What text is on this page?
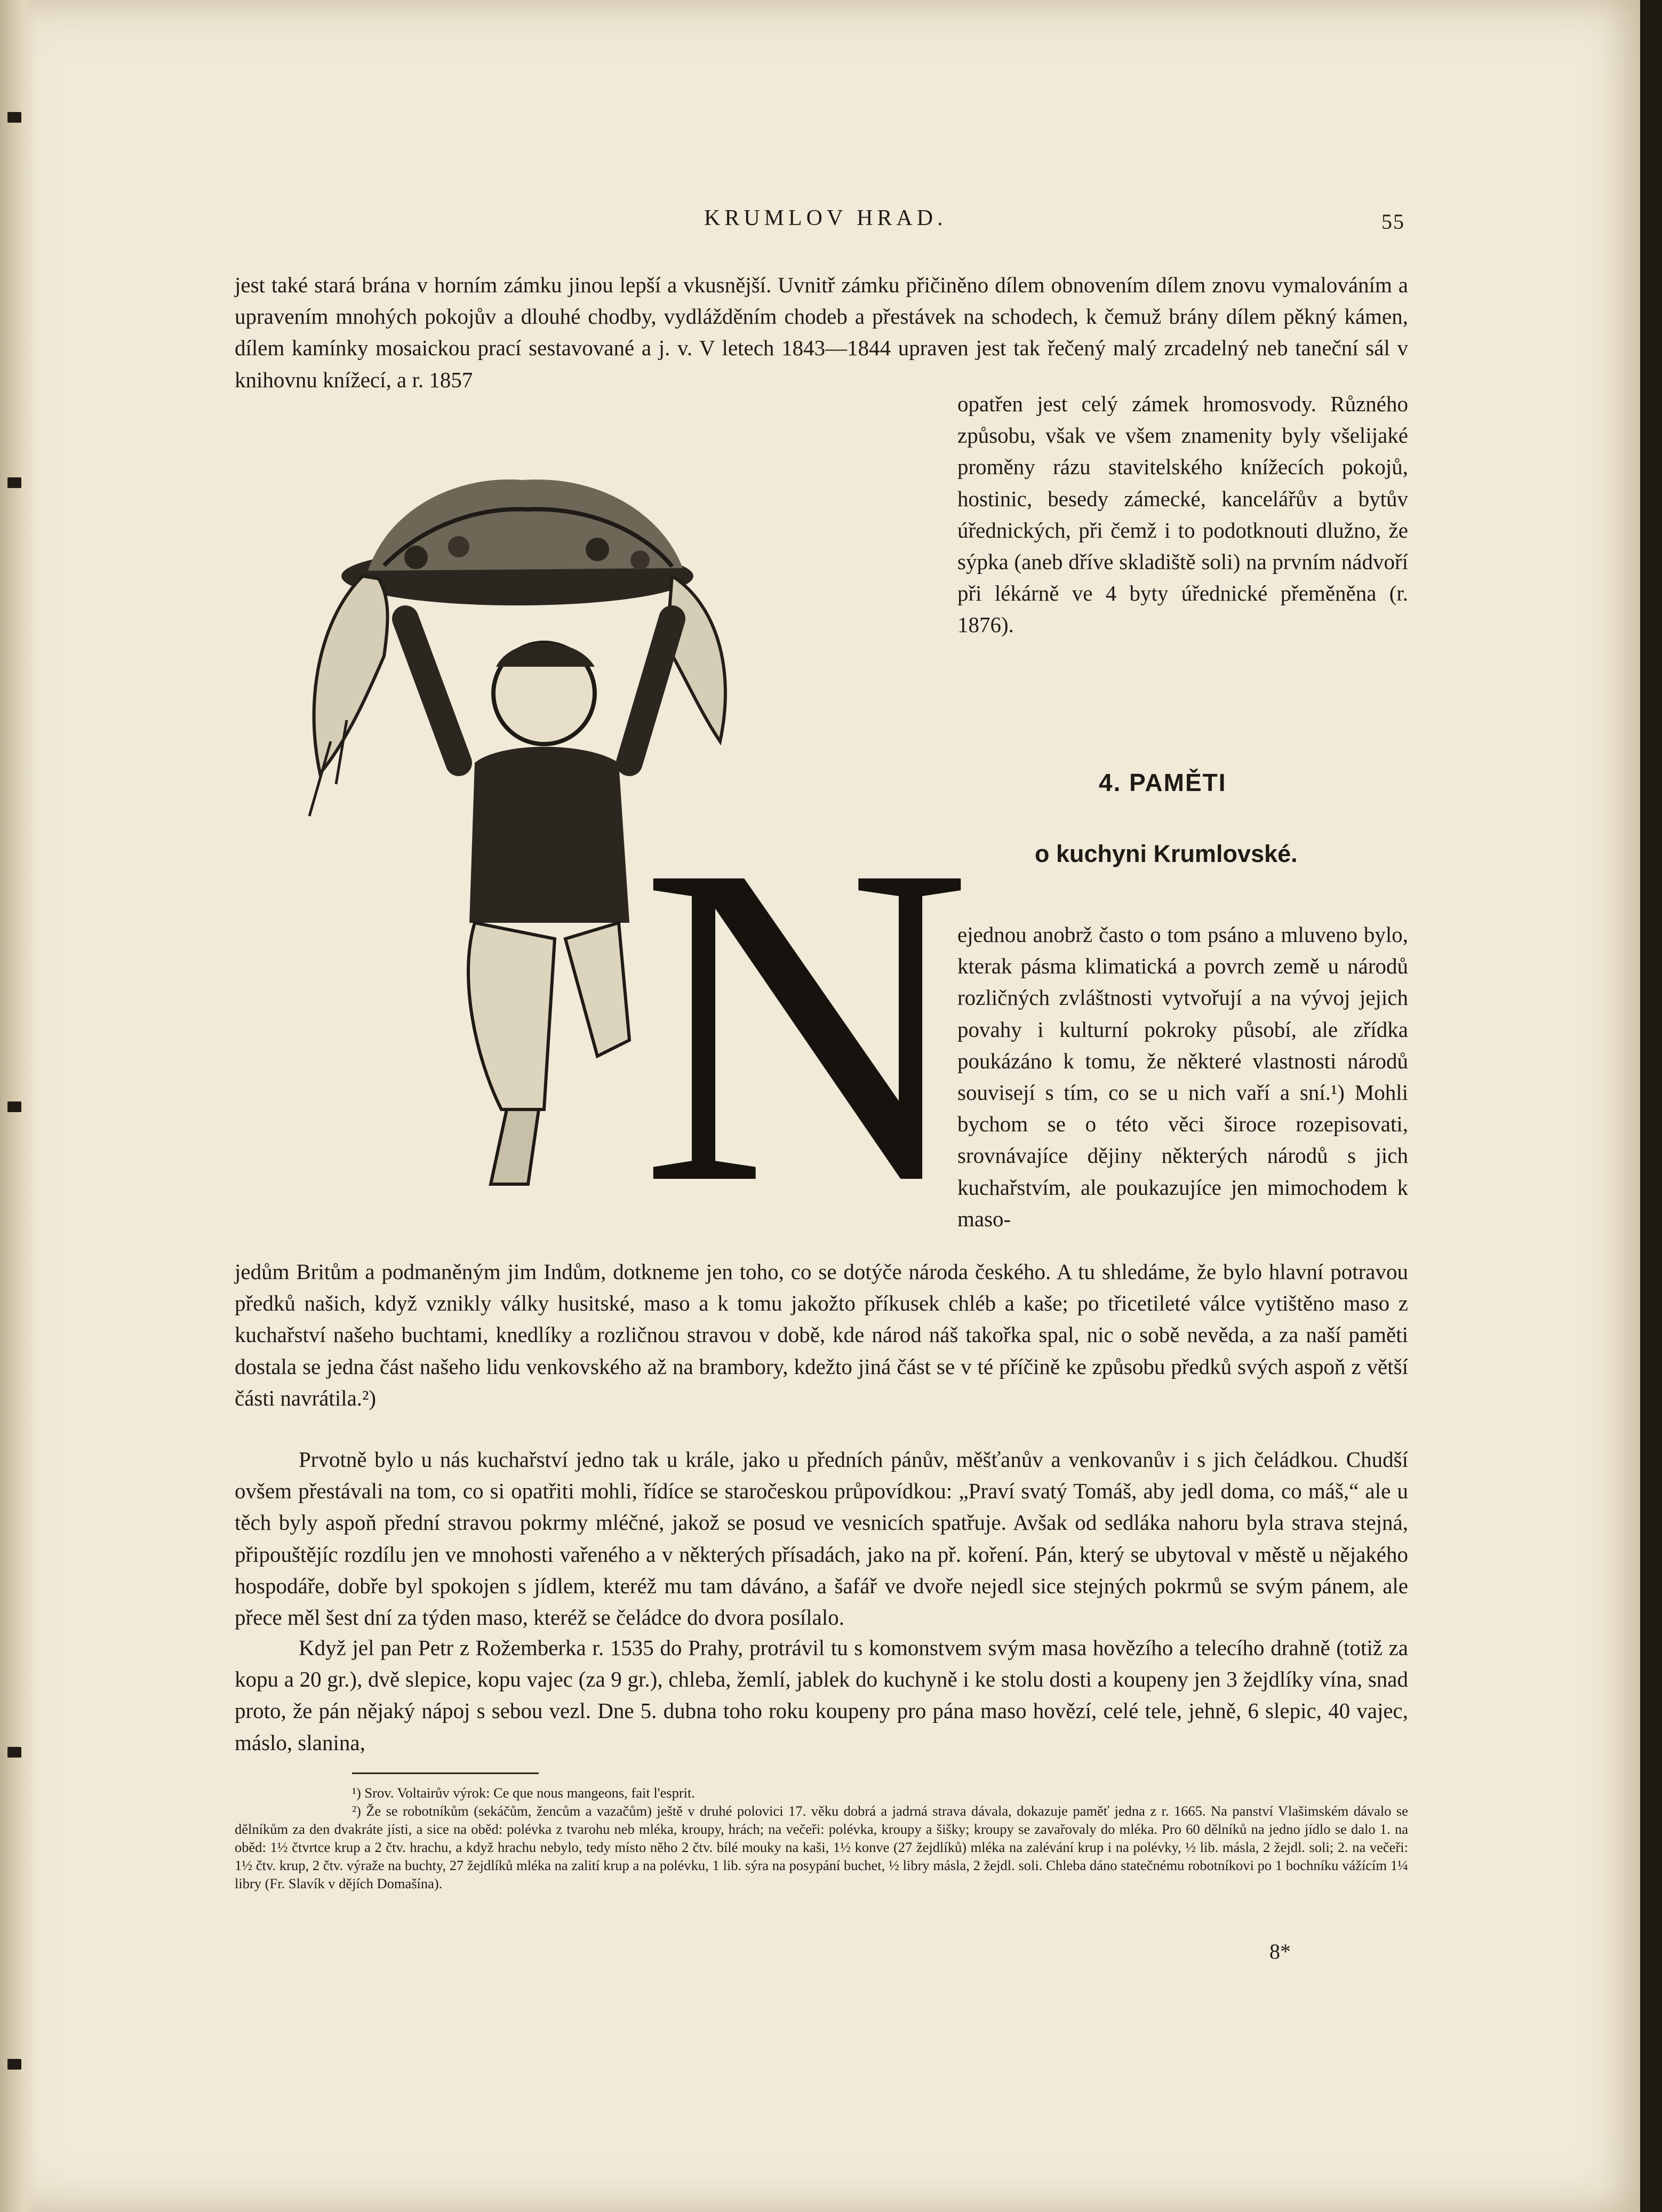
KRUMLOV HRAD.	55

jest také stará brána v horním zámku jinou lepší a vkusnější. Uvnitř zámku přičiněno dílem obnovením dílem znovu vymalováním a upravením mnohých pokojův a dlouhé chodby, vydlážděním chodeb a přestávek na schodech, k čemuž brány dílem pěkný kámen, dílem kamínky mosaickou prací sestavované a j. v. V letech 1843—1844 upraven jest tak řečený malý zrcadelný neb taneční sál v knihovnu knížecí, a r. 1857

opatřen jest celý zámek hromosvody. Různého způsobu, však ve všem znamenity byly všelijaké proměny rázu stavitelského knížecích pokojů, hostinic, besedy zámecké, kancelářův a bytův úřednických, při čemž i to podotknouti dlužno, že sýpka (aneb dříve skladiště soli) na prvním nádvoří při lékárně ve 4 byty úřednické přeměněna (r. 1876).

4. PAMĚTI
o kuchyni Krumlovské.
N

ejednou anobrž často o tom psáno a mluveno bylo, kterak pásma klimatická a povrch země u národů rozličných zvláštnosti vytvořují a na vývoj jejich povahy i kulturní pokroky působí, ale zřídka poukázáno k tomu, že některé vlastnosti národů souvisejí s tím, co se u nich vaří a sní.¹) Mohli bychom se o této věci široce rozepisovati, srovnávajíce dějiny některých národů s jich kuchařstvím, ale poukazujíce jen mimochodem k maso-

jedům Britům a podmaněným jim Indům, dotkneme jen toho, co se dotýče národa českého. A tu shledáme, že bylo hlavní potravou předků našich, když vznikly války husitské, maso a k tomu jakožto příkusek chléb a kaše; po třicetileté válce vytištěno maso z kuchařství našeho buchtami, knedlíky a rozličnou stravou v době, kde národ náš takořka spal, nic o sobě nevěda, a za naší paměti dostala se jedna část našeho lidu venkovského až na brambory, kdežto jiná část se v té příčině ke způsobu předků svých aspoň z větší části navrátila.²)

Prvotně bylo u nás kuchařství jedno tak u krále, jako u předních pánův, měšťanův a venkovanův i s jich čeládkou. Chudší ovšem přestávali na tom, co si opatřiti mohli, řídíce se staročeskou průpovídkou: „Praví svatý Tomáš, aby jedl doma, co máš,“ ale u těch byly aspoň přední stravou pokrmy mléčné, jakož se posud ve vesnicích spatřuje. Avšak od sedláka nahoru byla strava stejná, připouštějíc rozdílu jen ve mnohosti vařeného a v některých přísadách, jako na př. koření. Pán, který se ubytoval v městě u nějakého hospodáře, dobře byl spokojen s jídlem, kteréž mu tam dáváno, a šafář ve dvoře nejedl sice stejných pokrmů se svým pánem, ale přece měl šest dní za týden maso, kteréž se čeládce do dvora posílalo.

Když jel pan Petr z Rožemberka r. 1535 do Prahy, protrávil tu s komonstvem svým masa hovězího a telecího drahně (totiž za kopu a 20 gr.), dvě slepice, kopu vajec (za 9 gr.), chleba, žemlí, jablek do kuchyně i ke stolu dosti a koupeny jen 3 žejdlíky vína, snad proto, že pán nějaký nápoj s sebou vezl. Dne 5. dubna toho roku koupeny pro pána maso hovězí, celé tele, jehně, 6 slepic, 40 vajec, máslo, slanina,

¹) Srov. Voltairův výrok: Ce que nous mangeons, fait l'esprit.

²) Že se robotníkům (sekáčům, žencům a vazačům) ještě v druhé polovici 17. věku dobrá a jadrná strava dávala, dokazuje paměť jedna z r. 1665. Na panství Vlašimském dávalo se dělníkům za den dvakráte jísti, a sice na oběd: polévka z tvarohu neb mléka, kroupy, hrách; na večeři: polévka, kroupy a šišky; kroupy se zavařovaly do mléka. Pro 60 dělníků na jedno jídlo se dalo 1. na oběd: 1½ čtvrtce krup a 2 čtv. hrachu, a když hrachu nebylo, tedy místo něho 2 čtv. bílé mouky na kaši, 1½ konve (27 žejdlíků) mléka na zalévání krup i na polévky, ½ lib. másla, 2 žejdl. soli; 2. na večeři: 1½ čtv. krup, 2 čtv. výraže na buchty, 27 žejdlíků mléka na zalití krup a na polévku, 1 lib. sýra na posypání buchet, ½ libry másla, 2 žejdl. soli. Chleba dáno statečnému robotníkovi po 1 bochníku vážícím 1¼ libry (Fr. Slavík v dějích Domašína).

8*
